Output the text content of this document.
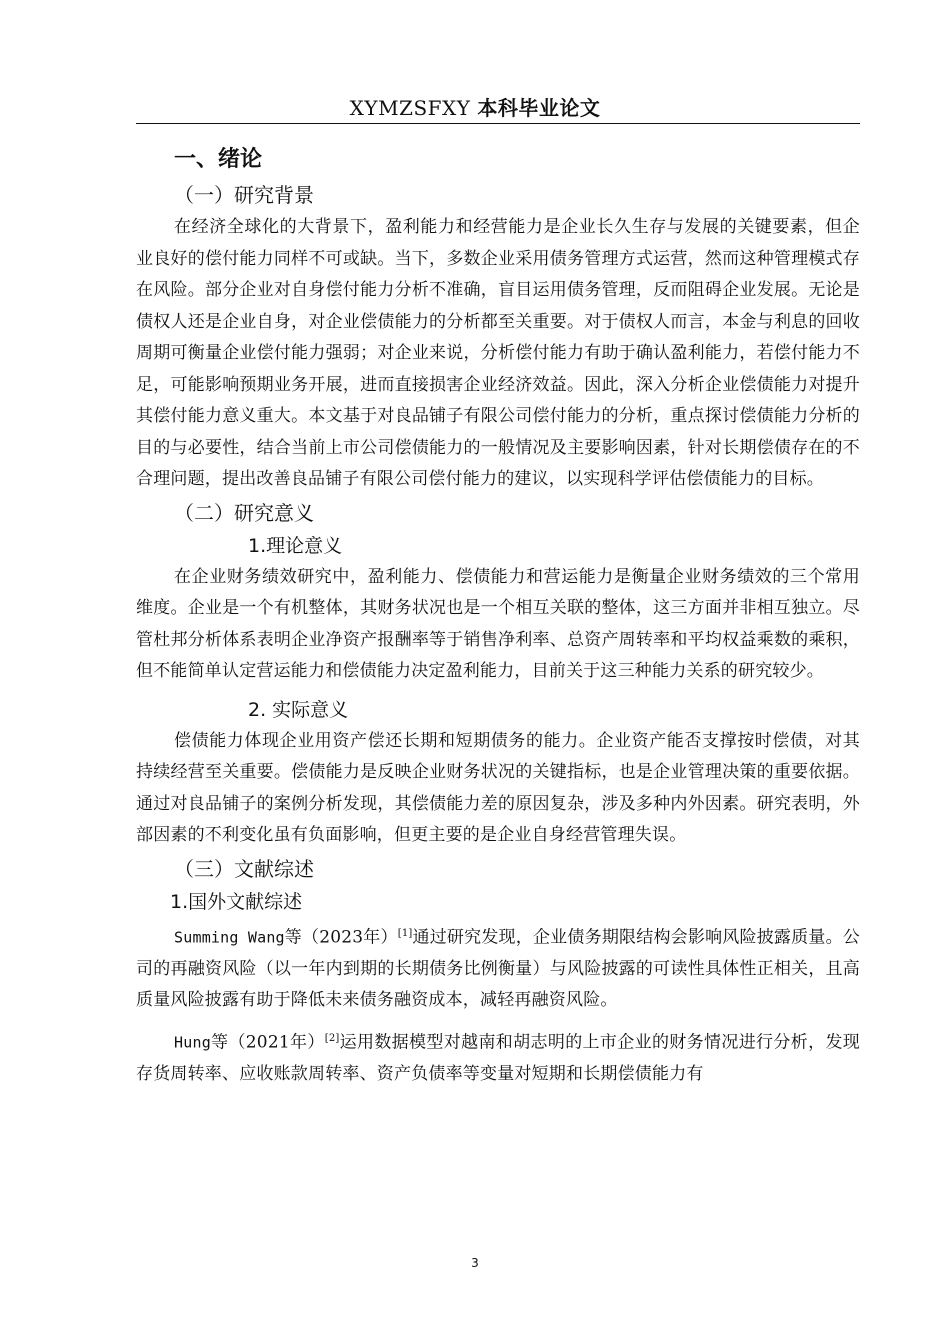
XYMZSFXY 本科毕业论文
一、绪论
（一）研究背景

在经济全球化的大背景下，盈利能力和经营能力是企业长久生存与发展的关键要素，但企业良好的偿付能力同样不可或缺。当下，多数企业采用债务管理方式运营，然而这种管理模式存在风险。部分企业对自身偿付能力分析不准确，盲目运用债务管理，反而阻碍企业发展。无论是债权人还是企业自身，对企业偿债能力的分析都至关重要。对于债权人而言，本金与利息的回收周期可衡量企业偿付能力强弱；对企业来说，分析偿付能力有助于确认盈利能力，若偿付能力不足，可能影响预期业务开展，进而直接损害企业经济效益。因此，深入分析企业偿债能力对提升其偿付能力意义重大。本文基于对良品铺子有限公司偿付能力的分析，重点探讨偿债能力分析的目的与必要性，结合当前上市公司偿债能力的一般情况及主要影响因素，针对长期偿债存在的不合理问题，提出改善良品铺子有限公司偿付能力的建议，以实现科学评估偿债能力的目标。

（二）研究意义
1.理论意义

在企业财务绩效研究中，盈利能力、偿债能力和营运能力是衡量企业财务绩效的三个常用维度。企业是一个有机整体，其财务状况也是一个相互关联的整体，这三方面并非相互独立。尽管杜邦分析体系表明企业净资产报酬率等于销售净利率、总资产周转率和平均权益乘数的乘积，但不能简单认定营运能力和偿债能力决定盈利能力，目前关于这三种能力关系的研究较少。

2. 实际意义

偿债能力体现企业用资产偿还长期和短期债务的能力。企业资产能否支撑按时偿债，对其持续经营至关重要。偿债能力是反映企业财务状况的关键指标，也是企业管理决策的重要依据。通过对良品铺子的案例分析发现，其偿债能力差的原因复杂，涉及多种内外因素。研究表明，外部因素的不利变化虽有负面影响，但更主要的是企业自身经营管理失误。

（三）文献综述
1.国外文献综述

Summing Wang等（2023年）[1]通过研究发现，企业债务期限结构会影响风险披露质量。公司的再融资风险（以一年内到期的长期债务比例衡量）与风险披露的可读性具体性正相关，且高质量风险披露有助于降低未来债务融资成本，减轻再融资风险。

Hung等（2021年）[2]运用数据模型对越南和胡志明的上市企业的财务情况进行分析，发现存货周转率、应收账款周转率、资产负债率等变量对短期和长期偿债能力有

3
